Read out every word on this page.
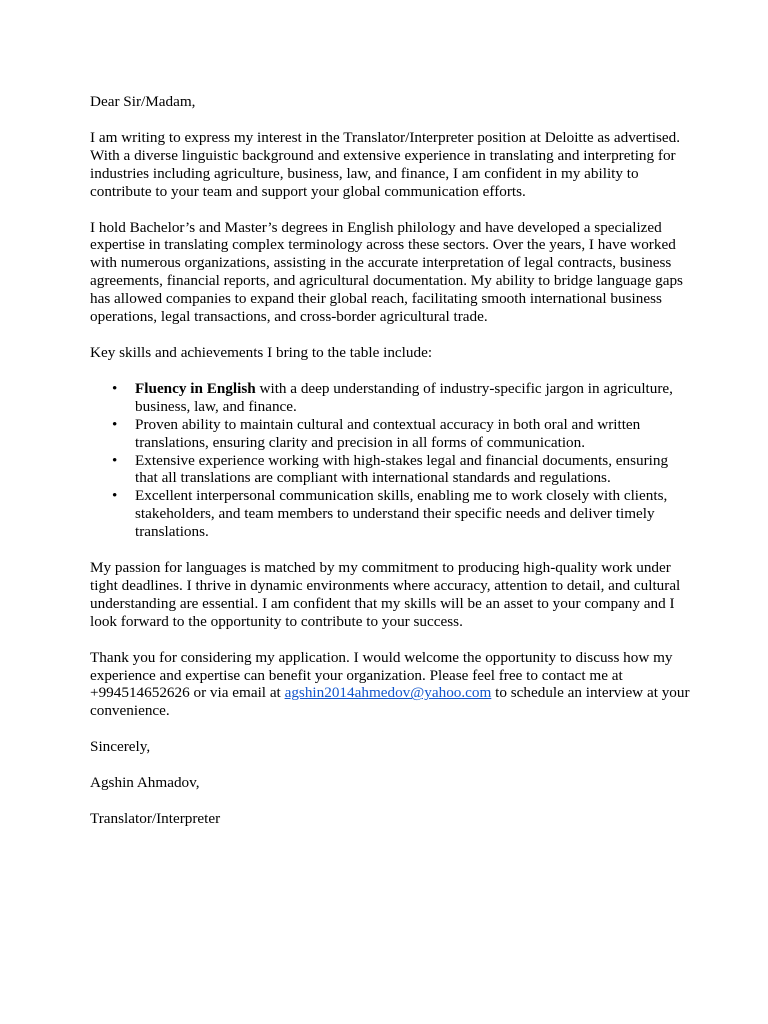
Dear Sir/Madam,

I am writing to express my interest in the Translator/Interpreter position at Deloitte as advertised. With a diverse linguistic background and extensive experience in translating and interpreting for industries including agriculture, business, law, and finance, I am confident in my ability to contribute to your team and support your global communication efforts.

I hold Bachelor’s and Master’s degrees in English philology and have developed a specialized expertise in translating complex terminology across these sectors. Over the years, I have worked with numerous organizations, assisting in the accurate interpretation of legal contracts, business agreements, financial reports, and agricultural documentation. My ability to bridge language gaps has allowed companies to expand their global reach, facilitating smooth international business operations, legal transactions, and cross-border agricultural trade.

Key skills and achievements I bring to the table include:

• Fluency in English with a deep understanding of industry-specific jargon in agriculture, business, law, and finance.
• Proven ability to maintain cultural and contextual accuracy in both oral and written translations, ensuring clarity and precision in all forms of communication.
• Extensive experience working with high-stakes legal and financial documents, ensuring that all translations are compliant with international standards and regulations.
• Excellent interpersonal communication skills, enabling me to work closely with clients, stakeholders, and team members to understand their specific needs and deliver timely translations.

My passion for languages is matched by my commitment to producing high-quality work under tight deadlines. I thrive in dynamic environments where accuracy, attention to detail, and cultural understanding are essential. I am confident that my skills will be an asset to your company and I look forward to the opportunity to contribute to your success.

Thank you for considering my application. I would welcome the opportunity to discuss how my experience and expertise can benefit your organization. Please feel free to contact me at +994514652626 or via email at agshin2014ahmedov@yahoo.com to schedule an interview at your convenience.

Sincerely,

Agshin Ahmadov,

Translator/Interpreter
